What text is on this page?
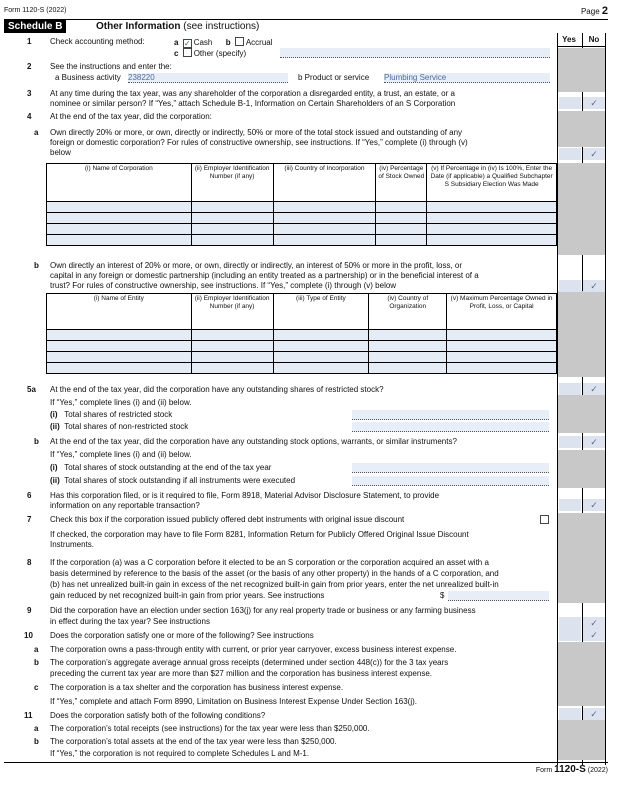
Form 1120-S (2022)	Page 2
Schedule B	Other Information (see instructions)
Yes	No
1 Check accounting method:	a ✓ Cash b Accrual
c Other (specify)
2 See the instructions and enter the:
a Business activity 238220	b Product or service Plumbing Service
3 At any time during the tax year, was any shareholder of the corporation a disregarded entity, a trust, an estate, or a
nominee or similar person? If “Yes,” attach Schedule B-1, Information on Certain Shareholders of an S Corporation	✓
4 At the end of the tax year, did the corporation:
a Own directly 20% or more, or own, directly or indirectly, 50% or more of the total stock issued and outstanding of any
foreign or domestic corporation? For rules of constructive ownership, see instructions. If “Yes,” complete (i) through (v)
below	✓
(i) Name of Corporation	(ii) Employer Identification Number (if any)	(iii) Country of Incorporation	(iv) Percentage of Stock Owned	(v) If Percentage in (iv) Is 100%, Enter the Date (if applicable) a Qualified Subchapter S Subsidiary Election Was Made

b Own directly an interest of 20% or more, or own, directly or indirectly, an interest of 50% or more in the profit, loss, or
capital in any foreign or domestic partnership (including an entity treated as a partnership) or in the beneficial interest of a
trust? For rules of constructive ownership, see instructions. If “Yes,” complete (i) through (v) below	✓
(i) Name of Entity	(ii) Employer Identification Number (if any)	(iii) Type of Entity	(iv) Country of Organization	(v) Maximum Percentage Owned in Profit, Loss, or Capital

5a At the end of the tax year, did the corporation have any outstanding shares of restricted stock?	✓
If “Yes,” complete lines (i) and (ii) below.
(i) Total shares of restricted stock
(ii) Total shares of non-restricted stock
b At the end of the tax year, did the corporation have any outstanding stock options, warrants, or similar instruments?	✓
If “Yes,” complete lines (i) and (ii) below.
(i) Total shares of stock outstanding at the end of the tax year
(ii) Total shares of stock outstanding if all instruments were executed
6 Has this corporation filed, or is it required to file, Form 8918, Material Advisor Disclosure Statement, to provide
information on any reportable transaction?	✓
7 Check this box if the corporation issued publicly offered debt instruments with original issue discount
If checked, the corporation may have to file Form 8281, Information Return for Publicly Offered Original Issue Discount
Instruments.
8 If the corporation (a) was a C corporation before it elected to be an S corporation or the corporation acquired an asset with a
basis determined by reference to the basis of the asset (or the basis of any other property) in the hands of a C corporation, and
(b) has net unrealized built-in gain in excess of the net recognized built-in gain from prior years, enter the net unrealized built-in
gain reduced by net recognized built-in gain from prior years. See instructions	$
9 Did the corporation have an election under section 163(j) for any real property trade or business or any farming business
in effect during the tax year? See instructions	✓
10 Does the corporation satisfy one or more of the following? See instructions	✓
a The corporation owns a pass-through entity with current, or prior year carryover, excess business interest expense.
b The corporation’s aggregate average annual gross receipts (determined under section 448(c)) for the 3 tax years
preceding the current tax year are more than $27 million and the corporation has business interest expense.
c The corporation is a tax shelter and the corporation has business interest expense.
If “Yes,” complete and attach Form 8990, Limitation on Business Interest Expense Under Section 163(j).
11 Does the corporation satisfy both of the following conditions?	✓
a The corporation’s total receipts (see instructions) for the tax year were less than $250,000.
b The corporation’s total assets at the end of the tax year were less than $250,000.
If “Yes,” the corporation is not required to complete Schedules L and M-1.
Form 1120-S (2022)
